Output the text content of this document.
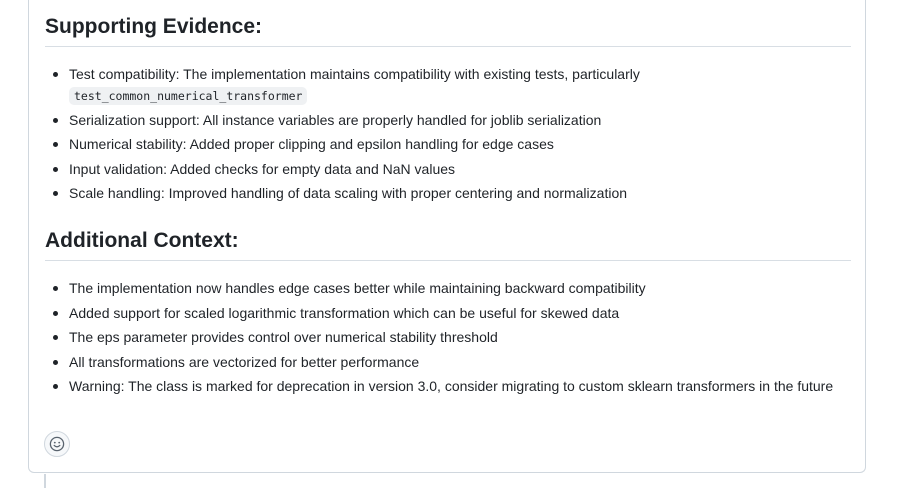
Supporting Evidence:
Test compatibility: The implementation maintains compatibility with existing tests, particularly
test_common_numerical_transformer
Serialization support: All instance variables are properly handled for joblib serialization
Numerical stability: Added proper clipping and epsilon handling for edge cases
Input validation: Added checks for empty data and NaN values
Scale handling: Improved handling of data scaling with proper centering and normalization
Additional Context:
The implementation now handles edge cases better while maintaining backward compatibility
Added support for scaled logarithmic transformation which can be useful for skewed data
The eps parameter provides control over numerical stability threshold
All transformations are vectorized for better performance
Warning: The class is marked for deprecation in version 3.0, consider migrating to custom sklearn transformers in the future
